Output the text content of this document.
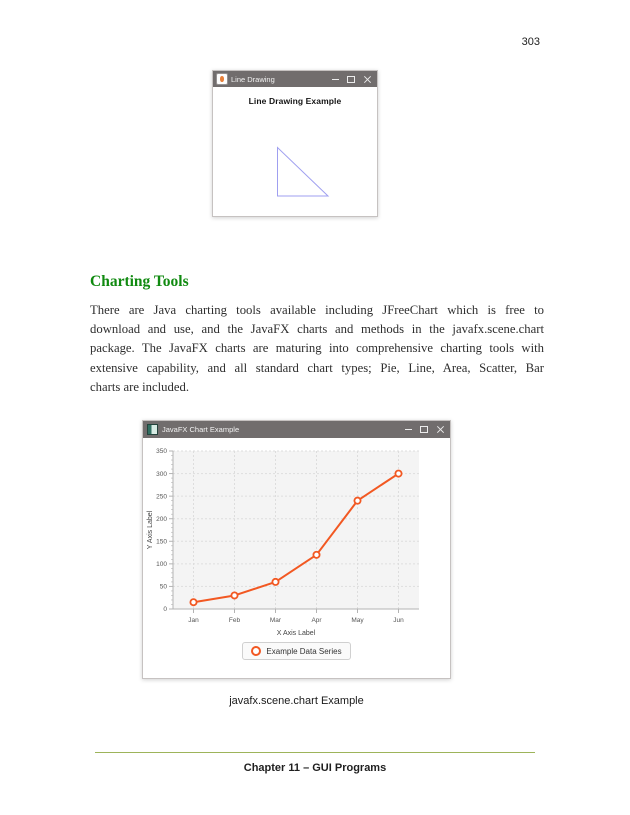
303
Line Drawing
Line Drawing Example
Charting Tools
There are Java charting tools available including JFreeChart which is free to
download and use, and the JavaFX charts and methods in the javafx.scene.chart
package. The JavaFX charts are maturing into comprehensive charting tools with
extensive capability, and all standard chart types; Pie, Line, Area, Scatter, Bar
charts are included.
JavaFX Chart Example
0
50
100
150
200
250
300
350
Jan	Feb	Mar	Apr	May	Jun
X Axis Label
Y Axis Label
Example Data Series
javafx.scene.chart Example
Chapter 11 – GUI Programs
